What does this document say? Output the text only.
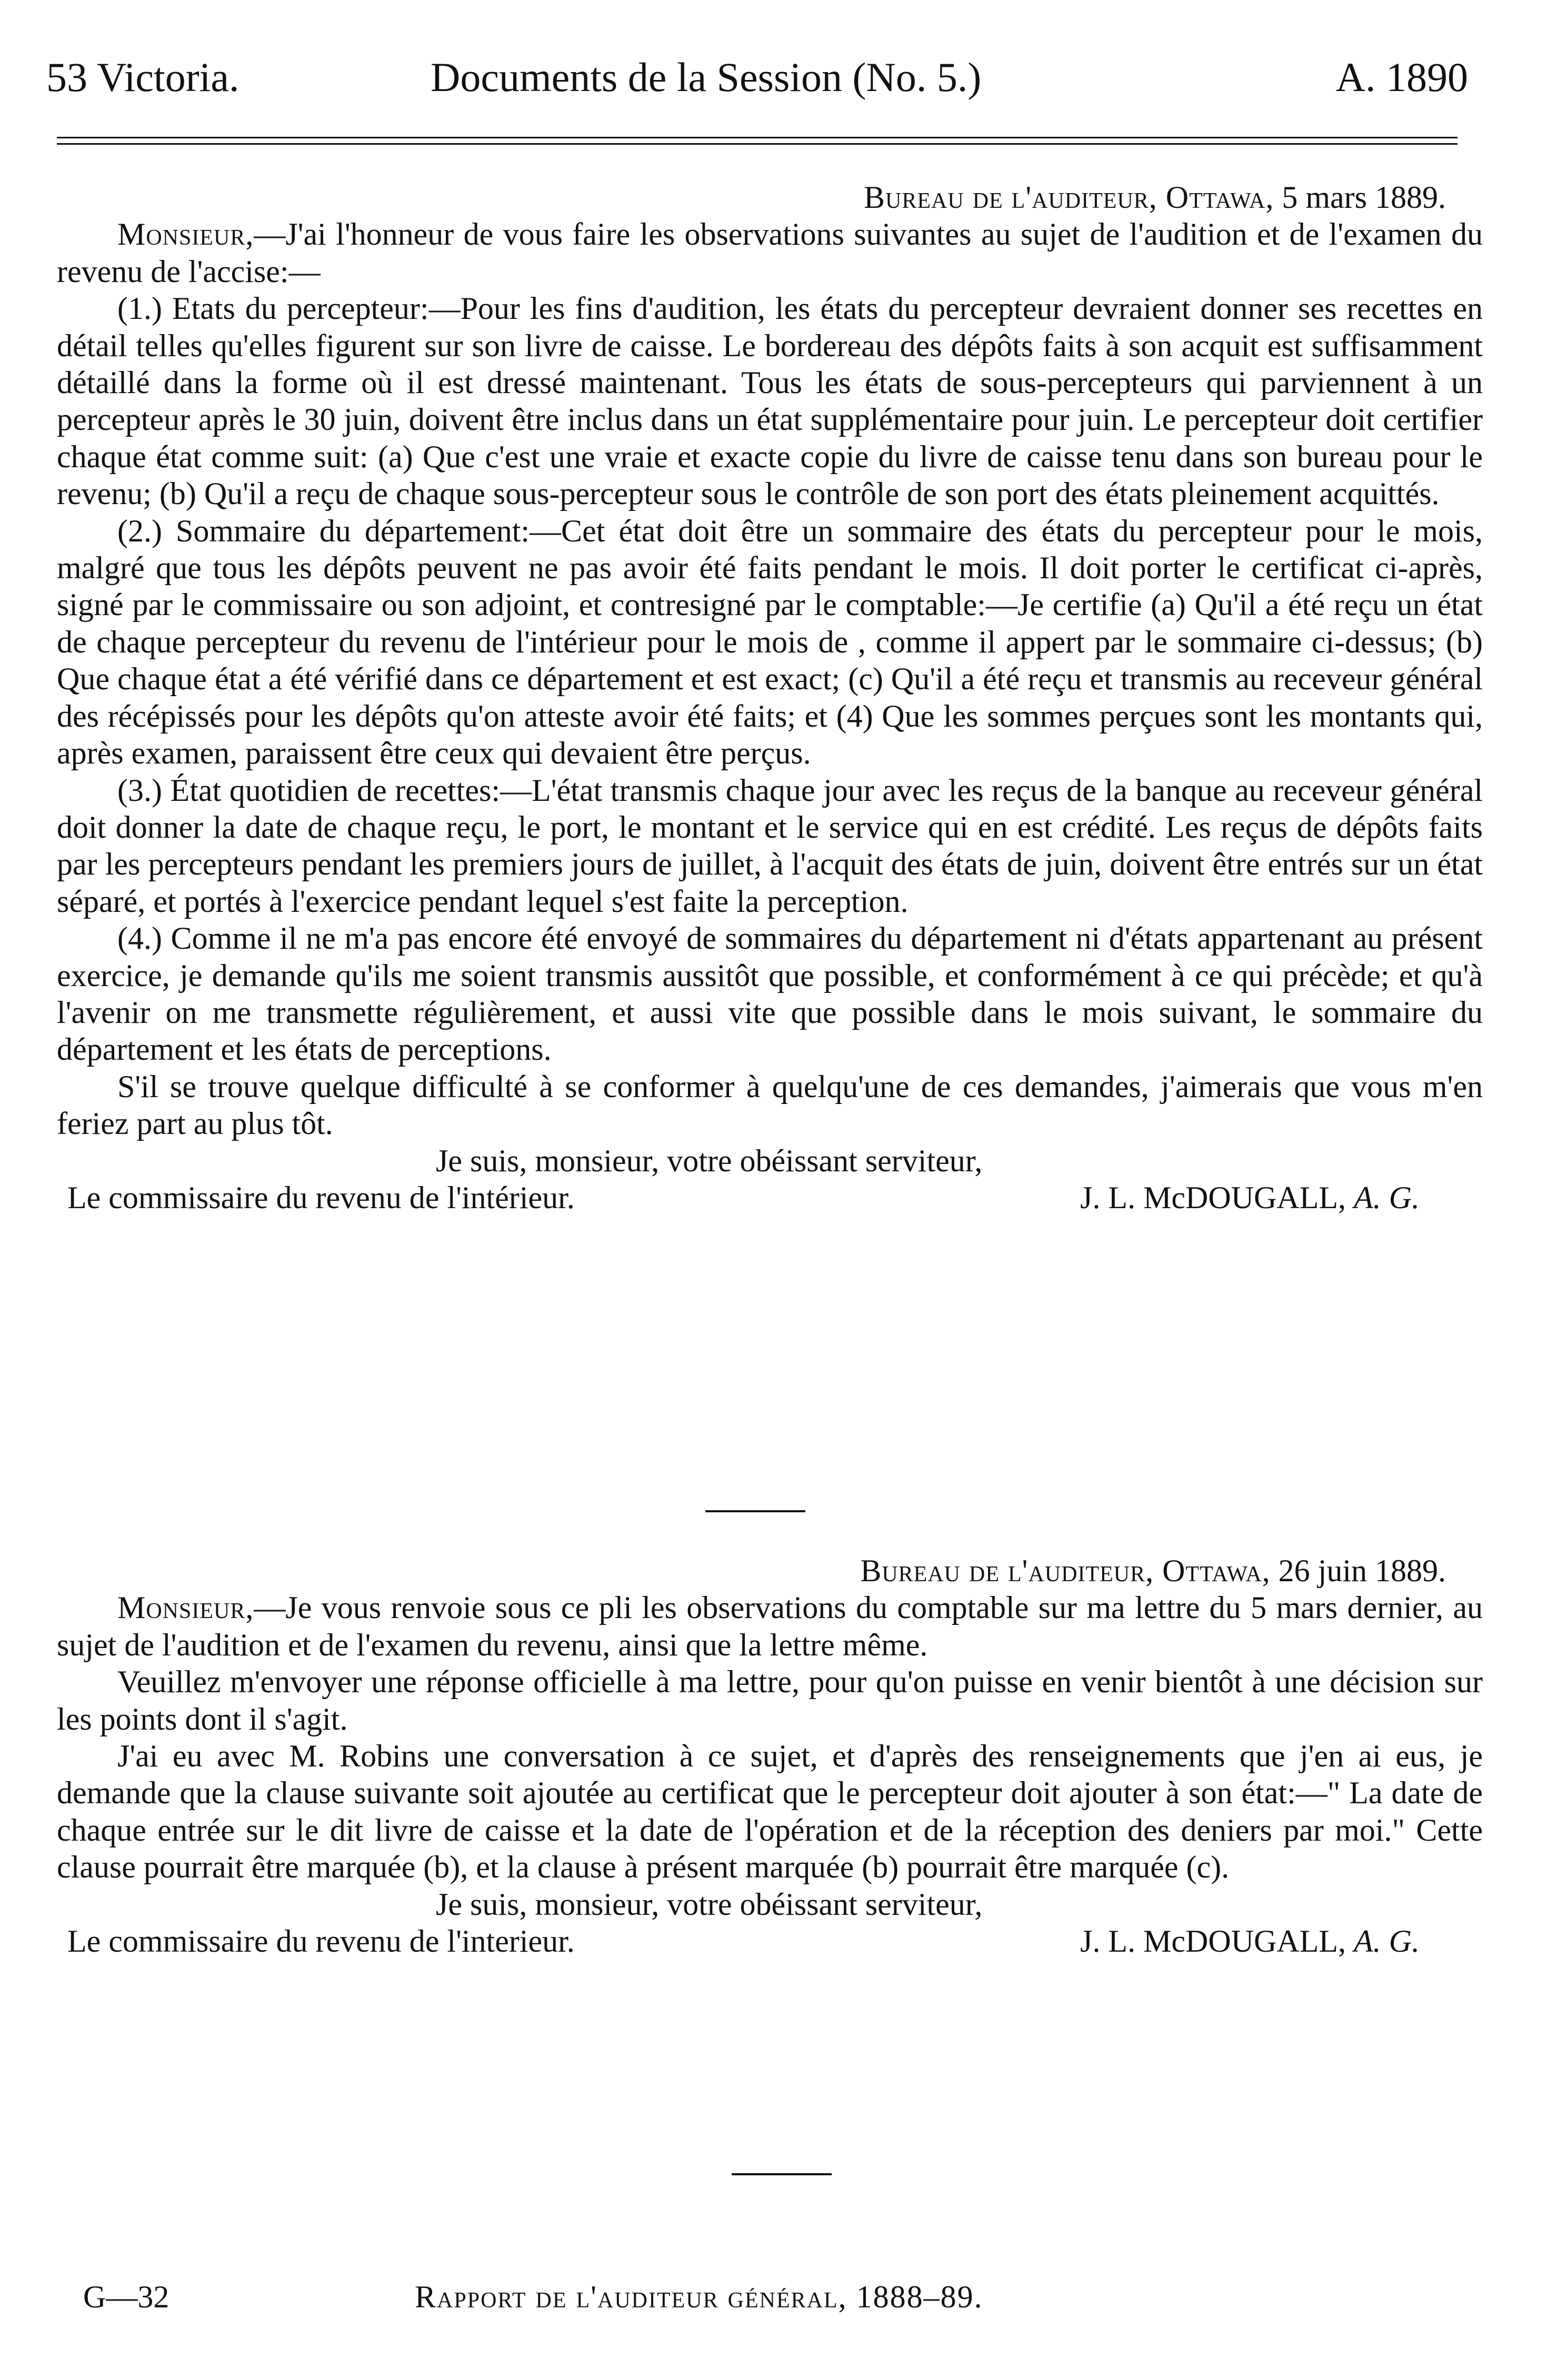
53 Victoria.	Documents de la Session (No. 5.)	A. 1890

Bureau de l'auditeur, Ottawa, 5 mars 1889.

Monsieur,—J'ai l'honneur de vous faire les observations suivantes au sujet de l'audition et de l'examen du revenu de l'accise:—

(1.) Etats du percepteur:—Pour les fins d'audition, les états du percepteur devraient donner ses recettes en détail telles qu'elles figurent sur son livre de caisse. Le bordereau des dépôts faits à son acquit est suffisamment détaillé dans la forme où il est dressé maintenant. Tous les états de sous-percepteurs qui parviennent à un percepteur après le 30 juin, doivent être inclus dans un état supplémentaire pour juin. Le percepteur doit certifier chaque état comme suit: (a) Que c'est une vraie et exacte copie du livre de caisse tenu dans son bureau pour le revenu; (b) Qu'il a reçu de chaque sous-percepteur sous le contrôle de son port des états pleinement acquittés.

(2.) Sommaire du département:—Cet état doit être un sommaire des états du percepteur pour le mois, malgré que tous les dépôts peuvent ne pas avoir été faits pendant le mois. Il doit porter le certificat ci-après, signé par le commissaire ou son adjoint, et contresigné par le comptable:—Je certifie (a) Qu'il a été reçu un état de chaque percepteur du revenu de l'intérieur pour le mois de , comme il appert par le sommaire ci-dessus; (b) Que chaque état a été vérifié dans ce département et est exact; (c) Qu'il a été reçu et transmis au receveur général des récépissés pour les dépôts qu'on atteste avoir été faits; et (4) Que les sommes perçues sont les montants qui, après examen, paraissent être ceux qui devaient être perçus.

(3.) État quotidien de recettes:—L'état transmis chaque jour avec les reçus de la banque au receveur général doit donner la date de chaque reçu, le port, le montant et le service qui en est crédité. Les reçus de dépôts faits par les percepteurs pendant les premiers jours de juillet, à l'acquit des états de juin, doivent être entrés sur un état séparé, et portés à l'exercice pendant lequel s'est faite la perception.

(4.) Comme il ne m'a pas encore été envoyé de sommaires du département ni d'états appartenant au présent exercice, je demande qu'ils me soient transmis aussitôt que possible, et conformément à ce qui précède; et qu'à l'avenir on me transmette régulièrement, et aussi vite que possible dans le mois suivant, le sommaire du département et les états de perceptions.

S'il se trouve quelque difficulté à se conformer à quelqu'une de ces demandes, j'aimerais que vous m'en feriez part au plus tôt.

Je suis, monsieur, votre obéissant serviteur,

Le commissaire du revenu de l'intérieur.	J. L. McDOUGALL, A. G.

Bureau de l'auditeur, Ottawa, 26 juin 1889.

Monsieur,—Je vous renvoie sous ce pli les observations du comptable sur ma lettre du 5 mars dernier, au sujet de l'audition et de l'examen du revenu, ainsi que la lettre même.

Veuillez m'envoyer une réponse officielle à ma lettre, pour qu'on puisse en venir bientôt à une décision sur les points dont il s'agit.

J'ai eu avec M. Robins une conversation à ce sujet, et d'après des renseignements que j'en ai eus, je demande que la clause suivante soit ajoutée au certificat que le percepteur doit ajouter à son état:—" La date de chaque entrée sur le dit livre de caisse et la date de l'opération et de la réception des deniers par moi." Cette clause pourrait être marquée (b), et la clause à présent marquée (b) pourrait être marquée (c).

Je suis, monsieur, votre obéissant serviteur,

Le commissaire du revenu de l'interieur.	J. L. McDOUGALL, A. G.
G—32	Rapport de l'auditeur général, 1888–89.
